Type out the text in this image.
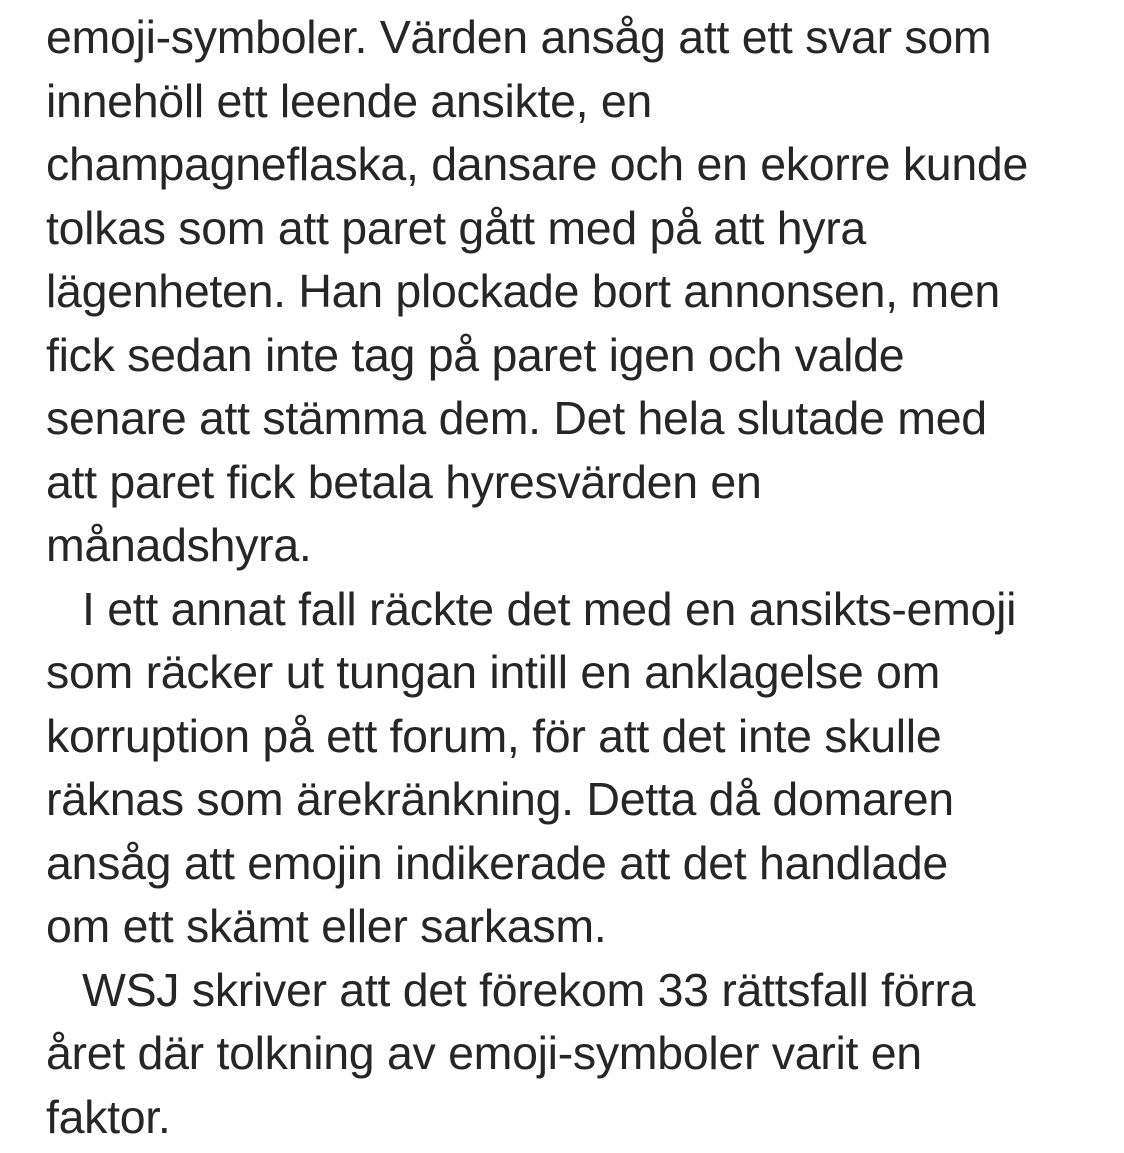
emoji-symboler. Värden ansåg att ett svar som
innehöll ett leende ansikte, en
champagneflaska, dansare och en ekorre kunde
tolkas som att paret gått med på att hyra
lägenheten. Han plockade bort annonsen, men
fick sedan inte tag på paret igen och valde
senare att stämma dem. Det hela slutade med
att paret fick betala hyresvärden en
månadshyra.
I ett annat fall räckte det med en ansikts-emoji
som räcker ut tungan intill en anklagelse om
korruption på ett forum, för att det inte skulle
räknas som ärekränkning. Detta då domaren
ansåg att emojin indikerade att det handlade
om ett skämt eller sarkasm.
WSJ skriver att det förekom 33 rättsfall förra
året där tolkning av emoji-symboler varit en
faktor.
